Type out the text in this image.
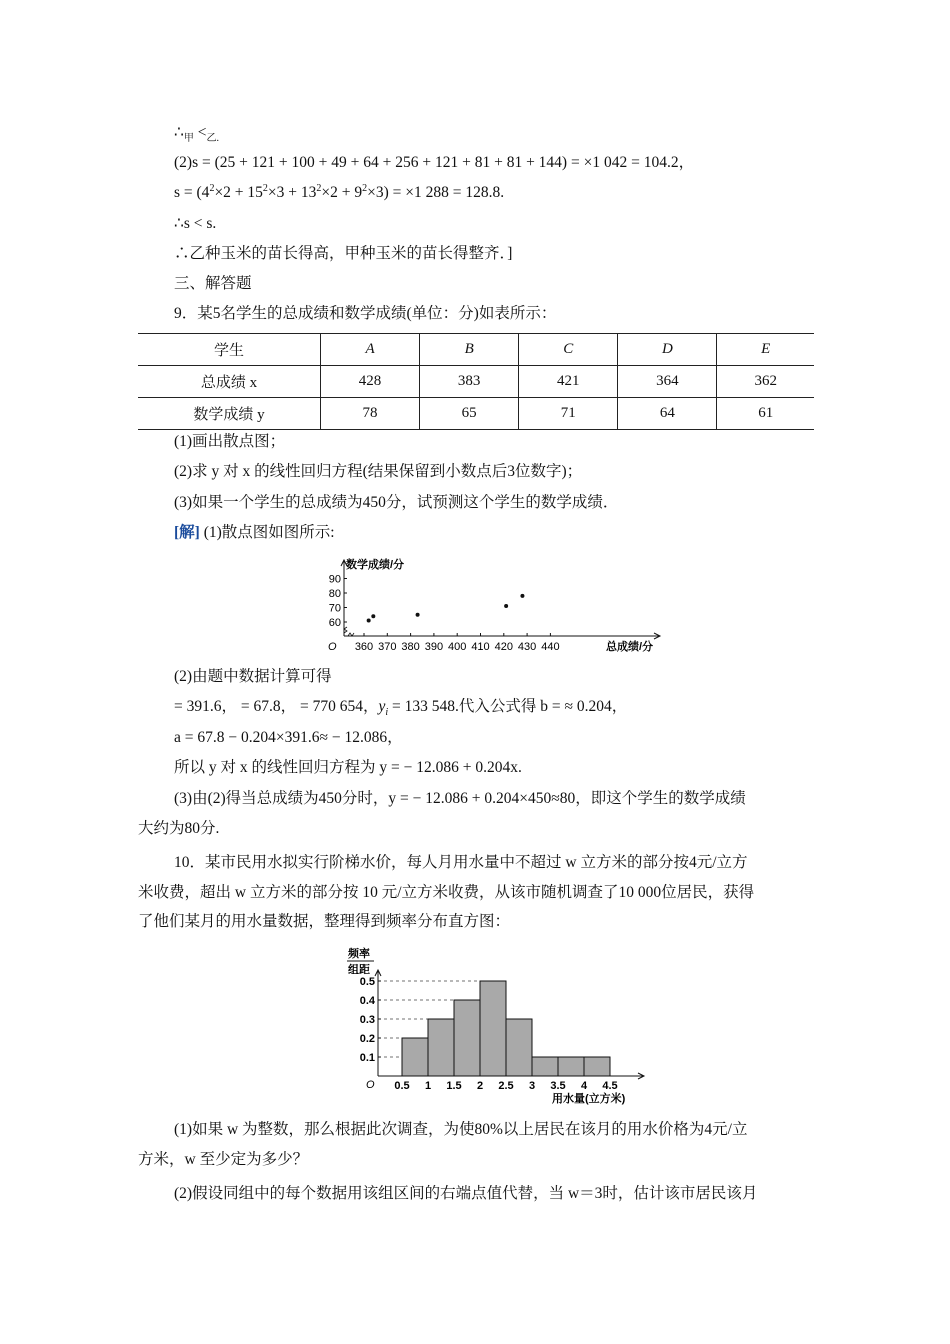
$\therefore_甲 <_{乙.}$
(2)s = (25 + 121 + 100 + 49 + 64 + 256 + 121 + 81 + 81 + 144) = ×1 042 = 104.2，
$s = (4^2\times 2 + 15^2\times 3 + 13^2\times 2 + 9^2\times 3) = \times 1$ 288 = 128.8.
∴s < s.
∴乙种玉米的苗长得高，甲种玉米的苗长得整齐．]
三、解答题
9．某5名学生的总成绩和数学成绩(单位：分)如表所示：
学生	A	B	C	D	E
总成绩 x	428	383	421	364	362
数学成绩 y	78	65	71	64	61
(1)画出散点图；
(2)求 y 对 x 的线性回归方程(结果保留到小数点后3位数字)；
(3)如果一个学生的总成绩为450分，试预测这个学生的数学成绩．
[解] (1)散点图如图所示:
数学成绩/分
总成绩/分
O
60
70
80
90
360 370 380 390 400 410 420 430 440
(2)由题中数据计算可得
= 391.6， = 67.8， = 770 654，$y_i = 133$ 548.代入公式得 b = ≈ 0.204，
a = 67.8 − 0.204×391.6≈ − 12.086，
所以 y 对 x 的线性回归方程为 y = − 12.086 + 0.204x.
(3)由(2)得当总成绩为450分时，y = − 12.086 + 0.204×450≈80，即这个学生的数学成绩
大约为80分.
10．某市民用水拟实行阶梯水价，每人月用水量中不超过 w 立方米的部分按4元/立方
米收费，超出 w 立方米的部分按 10 元/立方米收费，从该市随机调查了10 000位居民，获得
了他们某月的用水量数据，整理得到频率分布直方图：
频率
组距
O
用水量(立方米)
0.1
0.2
0.3
0.4
0.5
0.5 1 1.5 2 2.5 3 3.5 4 4.5
(1)如果 w 为整数，那么根据此次调查，为使80%以上居民在该月的用水价格为4元/立
方米，w 至少定为多少？
(2)假设同组中的每个数据用该组区间的右端点值代替，当 w＝3时，估计该市居民该月
